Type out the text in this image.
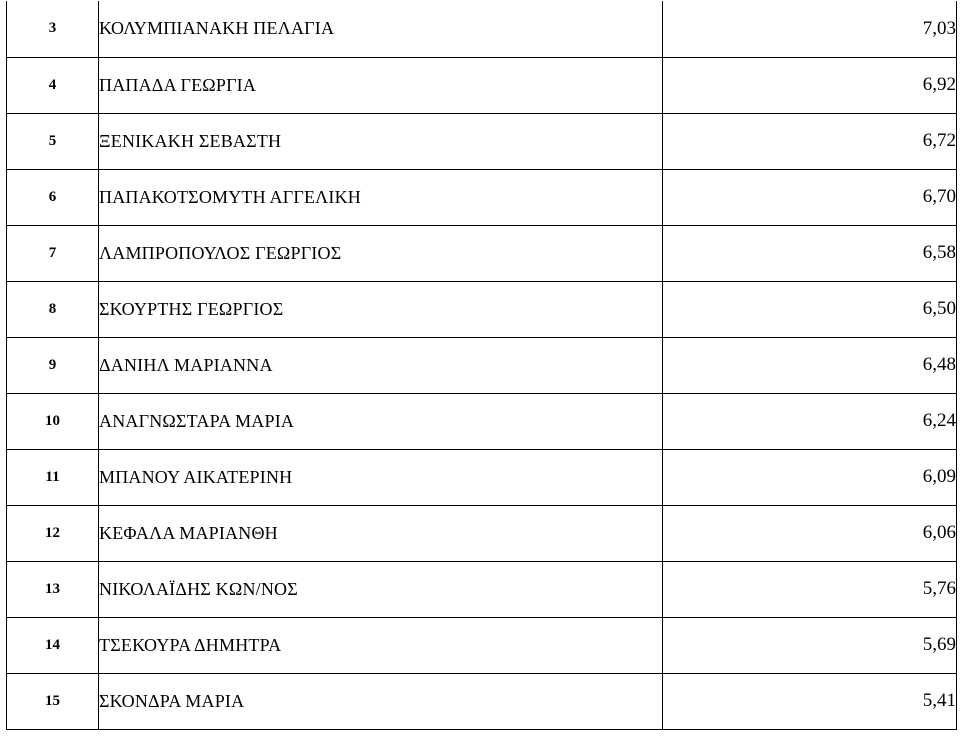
3	ΚΟΛΥΜΠΙΑΝΑΚΗ ΠΕΛΑΓΙΑ	7,03
4	ΠΑΠΑΔΑ ΓΕΩΡΓΙΑ	6,92
5	ΞΕΝΙΚΑΚΗ ΣΕΒΑΣΤΗ	6,72
6	ΠΑΠΑΚΟΤΣΟΜΥΤΗ ΑΓΓΕΛΙΚΗ	6,70
7	ΛΑΜΠΡΟΠΟΥΛΟΣ ΓΕΩΡΓΙΟΣ	6,58
8	ΣΚΟΥΡΤΗΣ ΓΕΩΡΓΙΟΣ	6,50
9	ΔΑΝΙΗΛ ΜΑΡΙΑΝΝΑ	6,48
10	ΑΝΑΓΝΩΣΤΑΡΑ ΜΑΡΙΑ	6,24
11	ΜΠΑΝΟΥ ΑΙΚΑΤΕΡΙΝΗ	6,09
12	ΚΕΦΑΛΑ ΜΑΡΙΑΝΘΗ	6,06
13	ΝΙΚΟΛΑΪΔΗΣ ΚΩΝ/ΝΟΣ	5,76
14	ΤΣΕΚΟΥΡΑ ΔΗΜΗΤΡΑ	5,69
15	ΣΚΟΝΔΡΑ ΜΑΡΙΑ	5,41
